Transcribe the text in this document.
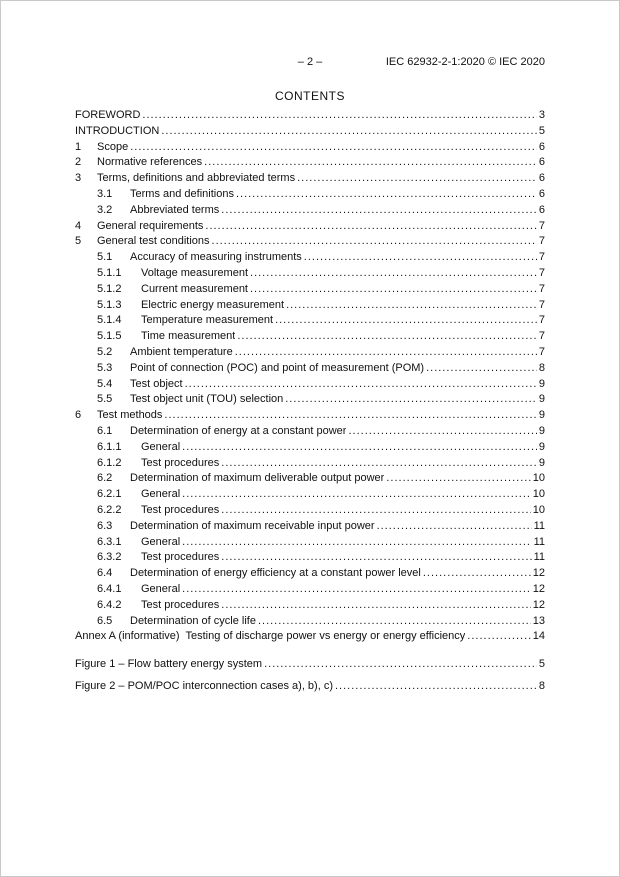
– 2 –	IEC 62932-2-1:2020 © IEC 2020
CONTENTS
FOREWORD .....	3
INTRODUCTION .....	5
1	Scope .....	6
2	Normative references .....	6
3	Terms, definitions and abbreviated terms .....	6
3.1	Terms and definitions .....	6
3.2	Abbreviated terms .....	6
4	General requirements .....	7
5	General test conditions .....	7
5.1	Accuracy of measuring instruments .....	7
5.1.1	Voltage measurement .....	7
5.1.2	Current measurement .....	7
5.1.3	Electric energy measurement .....	7
5.1.4	Temperature measurement .....	7
5.1.5	Time measurement .....	7
5.2	Ambient temperature .....	7
5.3	Point of connection (POC) and point of measurement (POM) .....	8
5.4	Test object .....	9
5.5	Test object unit (TOU) selection .....	9
6	Test methods .....	9
6.1	Determination of energy at a constant power .....	9
6.1.1	General .....	9
6.1.2	Test procedures .....	9
6.2	Determination of maximum deliverable output power .....	10
6.2.1	General .....	10
6.2.2	Test procedures .....	10
6.3	Determination of maximum receivable input power .....	11
6.3.1	General .....	11
6.3.2	Test procedures .....	11
6.4	Determination of energy efficiency at a constant power level .....	12
6.4.1	General .....	12
6.4.2	Test procedures .....	12
6.5	Determination of cycle life .....	13
Annex A (informative)  Testing of discharge power vs energy or energy efficiency .....	14
Figure 1 – Flow battery energy system .....	5
Figure 2 – POM/POC interconnection cases a), b), c) .....	8
